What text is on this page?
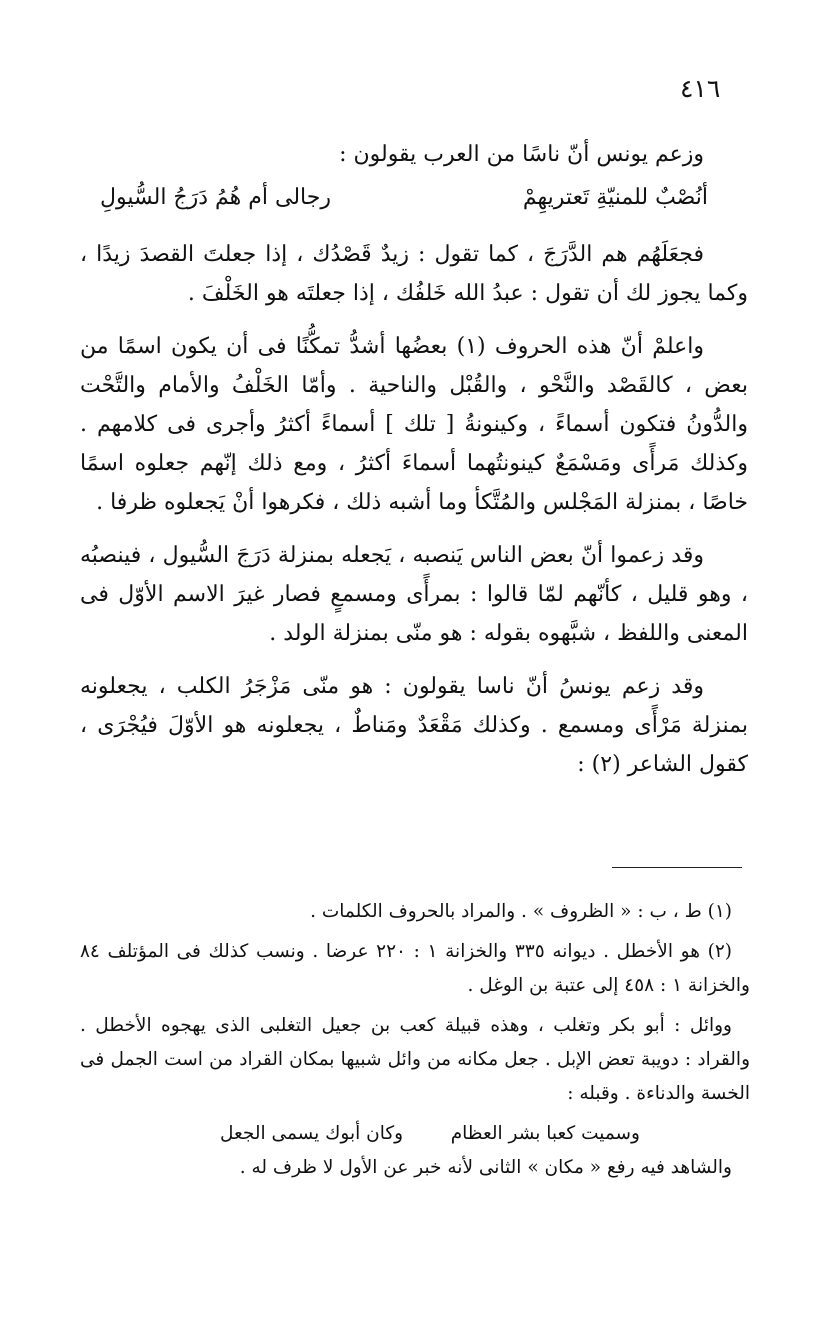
٤١٦

وزعم يونس أنّ ناسًا من العرب يقولون :

أنُصْبٌ للمنيّةِ تَعتريهِمْ
رجالى أم هُمُ دَرَجُ السُّيولِ

فجعَلَهُم هم الدَّرَجَ ، كما تقول : زيدٌ قَصْدُك ، إذا جعلتَ القصدَ زيدًا ، وكما يجوز لك أن تقول : عبدُ الله خَلفُك ، إذا جعلتَه هو الخَلْفَ .

واعلمْ أنّ هذه الحروف (١) بعضُها أشدُّ تمكُّنًا فى أن يكون اسمًا من بعض ، كالقَصْد والنَّحْو ، والقُبْل والناحية . وأمّا الخَلْفُ والأمام والتَّحْت والدُّونُ فتكون أسماءً ، وكينونةُ [ تلك ] أسماءً أكثرُ وأجرى فى كلامهم . وكذلك مَرأًى ومَسْمَعٌ كينونتُهما أسماءَ أكثرُ ، ومع ذلك إنّهم جعلوه اسمًا خاصًا ، بمنزلة المَجْلس والمُتَّكأ وما أشبه ذلك ، فكرهوا أنْ يَجعلوه ظرفا .

وقد زعموا أنّ بعض الناس يَنصبه ، يَجعله بمنزلة دَرَجَ السُّيول ، فينصبُه ، وهو قليل ، كأنّهم لمّا قالوا : بمرأًى ومسمعٍ فصار غيرَ الاسم الأوّل فى المعنى واللفظ ، شبَّهوه بقوله : هو منّى بمنزلة الولد .

وقد زعم يونسُ أنّ ناسا يقولون : هو منّى مَزْجَرُ الكلب ، يجعلونه بمنزلة مَرْأًى ومسمع . وكذلك مَقْعَدٌ ومَناطٌ ، يجعلونه هو الأوّلَ فيُجْرَى ، كقول الشاعر (٢) :

(١) ط ، ب : « الظروف » . والمراد بالحروف الكلمات .

(٢) هو الأخطل . ديوانه ٣٣٥ والخزانة ١ : ٢٢٠ عرضا . ونسب كذلك فى المؤتلف ٨٤ والخزانة ١ : ٤٥٨ إلى عتبة بن الوغل .

ووائل : أبو بكر وتغلب ، وهذه قبيلة كعب بن جعيل التغلبى الذى يهجوه الأخطل . والقراد : دويبة تعض الإبل . جعل مكانه من وائل شبيها بمكان القراد من است الجمل فى الخسة والدناءة . وقبله :

وسميت كعبا بشر العظام
وكان أبوك يسمى الجعل

والشاهد فيه رفع « مكان » الثانى لأنه خبر عن الأول لا ظرف له .
